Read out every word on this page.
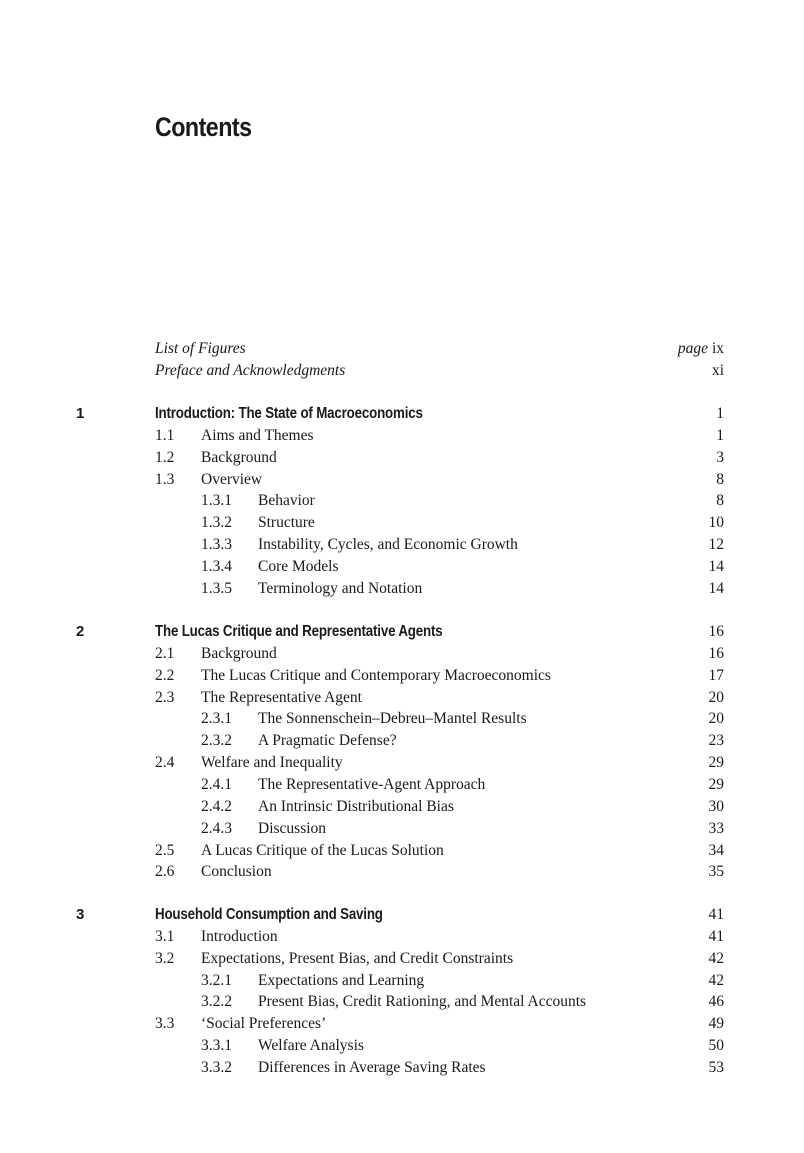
Contents
List of Figures	page ix
Preface and Acknowledgments	xi
1	Introduction: The State of Macroeconomics	1
1.1 Aims and Themes	1
1.2 Background	3
1.3 Overview	8
1.3.1 Behavior	8
1.3.2 Structure	10
1.3.3 Instability, Cycles, and Economic Growth	12
1.3.4 Core Models	14
1.3.5 Terminology and Notation	14
2	The Lucas Critique and Representative Agents	16
2.1 Background	16
2.2 The Lucas Critique and Contemporary Macroeconomics	17
2.3 The Representative Agent	20
2.3.1 The Sonnenschein–Debreu–Mantel Results	20
2.3.2 A Pragmatic Defense?	23
2.4 Welfare and Inequality	29
2.4.1 The Representative-Agent Approach	29
2.4.2 An Intrinsic Distributional Bias	30
2.4.3 Discussion	33
2.5 A Lucas Critique of the Lucas Solution	34
2.6 Conclusion	35
3	Household Consumption and Saving	41
3.1 Introduction	41
3.2 Expectations, Present Bias, and Credit Constraints	42
3.2.1 Expectations and Learning	42
3.2.2 Present Bias, Credit Rationing, and Mental Accounts	46
3.3 ‘Social Preferences’	49
3.3.1 Welfare Analysis	50
3.3.2 Differences in Average Saving Rates	53
